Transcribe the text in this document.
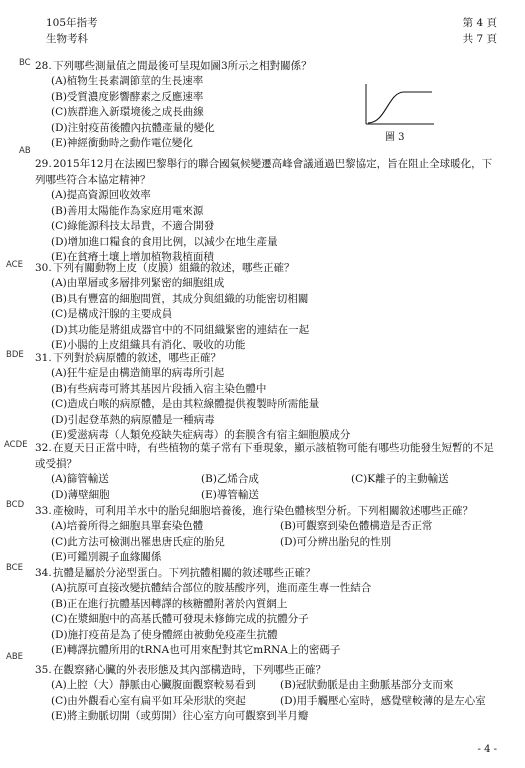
105年指考
生物考科
第 4 頁
共 7 頁
BC 28.下列哪些測量值之間最後可呈現如圖3所示之相對關係？
(A)植物生長素調節莖的生長速率
(B)受質濃度影響酵素之反應速率
(C)族群進入新環境後之成長曲線
(D)注射疫苗後體內抗體產量的變化
(E)神經衝動時之動作電位變化	圖 3
AB
29.2015年12月在法國巴黎舉行的聯合國氣候變遷高峰會議通過巴黎協定，旨在阻止全球暖化，下列哪些符合本協定精神？
(A)提高資源回收效率
(B)善用太陽能作為家庭用電來源
(C)綠能源科技太昂貴，不適合開發
(D)增加進口糧食的食用比例，以減少在地生產量
(E)在貧瘠土壤上增加植物栽植面積
ACE 30.下列有關動物上皮（皮膜）組織的敘述，哪些正確？
(A)由單層或多層排列緊密的細胞組成
(B)具有豐富的細胞間質，其成分與組織的功能密切相關
(C)是構成汗腺的主要成員
(D)其功能是將組成器官中的不同組織緊密的連結在一起
(E)小腸的上皮組織具有消化、吸收的功能
BDE 31.下列對於病原體的敘述，哪些正確？
(A)狂牛症是由構造簡單的病毒所引起
(B)有些病毒可將其基因片段插入宿主染色體中
(C)造成白喉的病原體，是由其粒線體提供複製時所需能量
(D)引起登革熱的病原體是一種病毒
(E)愛滋病毒（人類免疫缺失症病毒）的套膜含有宿主細胞膜成分
ACDE 32.在夏天日正當中時，有些植物的葉子常有下垂現象，顯示該植物可能有哪些功能發生短暫的不足或受損？
(A)篩管輸送	(B)乙烯合成	(C)K離子的主動輸送
(D)薄壁細胞	(E)導管輸送
BCD 33.產檢時，可利用羊水中的胎兒細胞培養後，進行染色體核型分析。下列相關敘述哪些正確？
(A)培養所得之細胞具單套染色體	(B)可觀察到染色體構造是否正常
(C)此方法可檢測出罹患唐氏症的胎兒	(D)可分辨出胎兒的性別
(E)可鑑別親子血緣關係
BCE 34.抗體是屬於分泌型蛋白。下列抗體相關的敘述哪些正確？
(A)抗原可直接改變抗體結合部位的胺基酸序列，進而產生專一性結合
(B)正在進行抗體基因轉譯的核糖體附著於內質網上
(C)在漿細胞中的高基氏體可發現未修飾完成的抗體分子
(D)施打疫苗是為了使身體經由被動免疫產生抗體
(E)轉譯抗體所用的tRNA也可用來配對其它mRNA上的密碼子
ABE
35.在觀察豬心臟的外表形態及其內部構造時，下列哪些正確？
(A)上腔（大）靜脈由心臟腹面觀察較易看到	(B)冠狀動脈是由主動脈基部分支而來
(C)由外觀看心室有扁平如耳朵形狀的突起	(D)用手觸壓心室時，感覺壁較薄的是左心室
(E)將主動脈切開（或剪開）往心室方向可觀察到半月瓣
- 4 -
